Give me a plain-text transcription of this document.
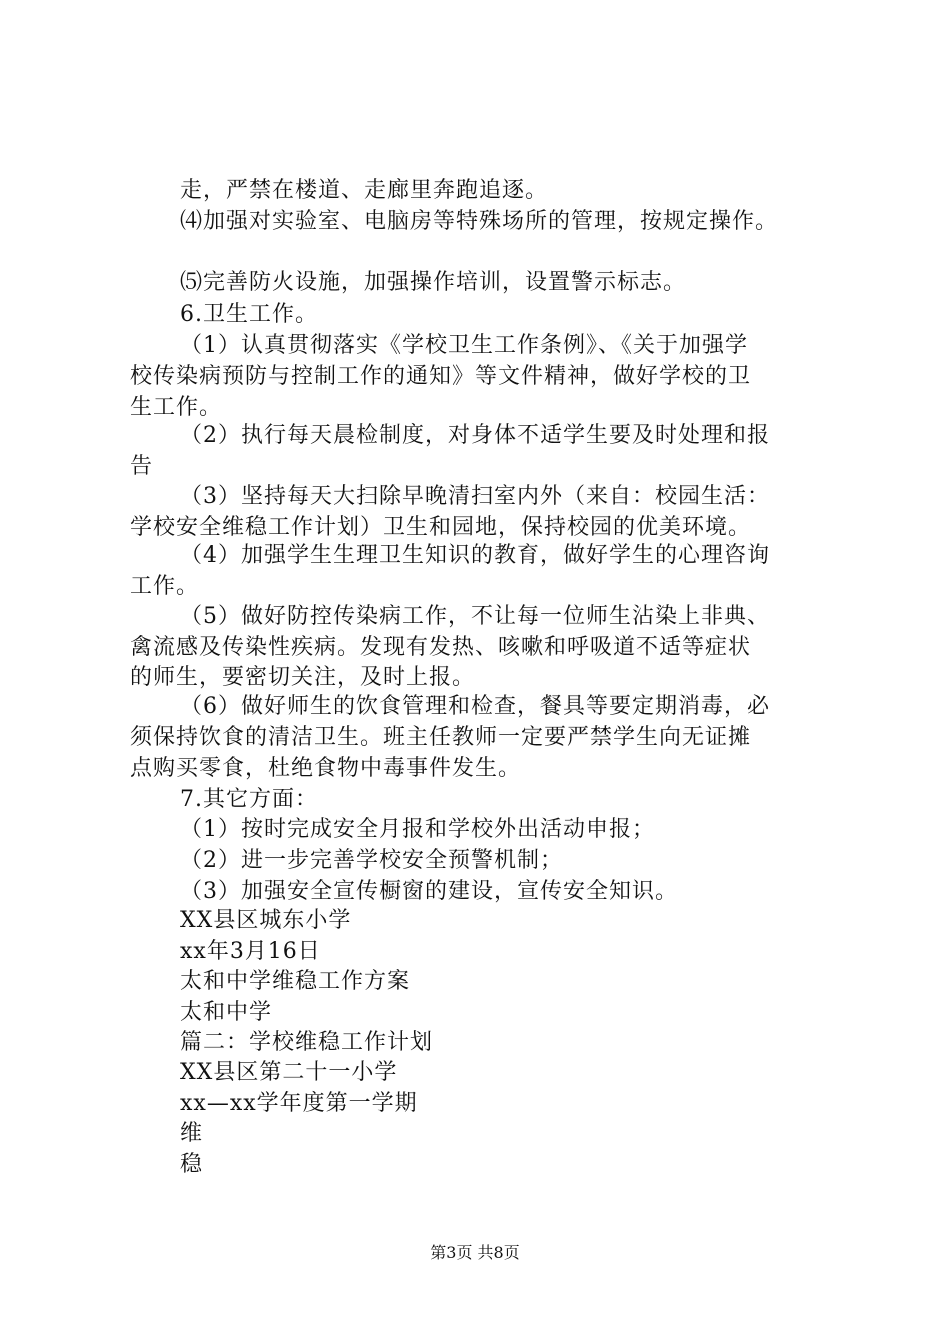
走，严禁在楼道、走廊里奔跑追逐。
⑷加强对实验室、电脑房等特殊场所的管理，按规定操作。
⑸完善防火设施，加强操作培训，设置警示标志。
6.卫生工作。
（1）认真贯彻落实《学校卫生工作条例》、《关于加强学
校传染病预防与控制工作的通知》等文件精神，做好学校的卫
生工作。
（2）执行每天晨检制度，对身体不适学生要及时处理和报
告
（3）坚持每天大扫除早晚清扫室内外（来自：校园生活：
学校安全维稳工作计划）卫生和园地，保持校园的优美环境。
（4）加强学生生理卫生知识的教育，做好学生的心理咨询
工作。
（5）做好防控传染病工作，不让每一位师生沾染上非典、
禽流感及传染性疾病。发现有发热、咳嗽和呼吸道不适等症状
的师生，要密切关注，及时上报。
（6）做好师生的饮食管理和检查，餐具等要定期消毒，必
须保持饮食的清洁卫生。班主任教师一定要严禁学生向无证摊
点购买零食，杜绝食物中毒事件发生。
7.其它方面：
（1）按时完成安全月报和学校外出活动申报；
（2）进一步完善学校安全预警机制；
（3）加强安全宣传橱窗的建设，宣传安全知识。
XX县区城东小学
xx年3月16日
太和中学维稳工作方案
太和中学
篇二：学校维稳工作计划
XX县区第二十一小学
xx—xx学年度第一学期
维
稳
第3页 共8页
